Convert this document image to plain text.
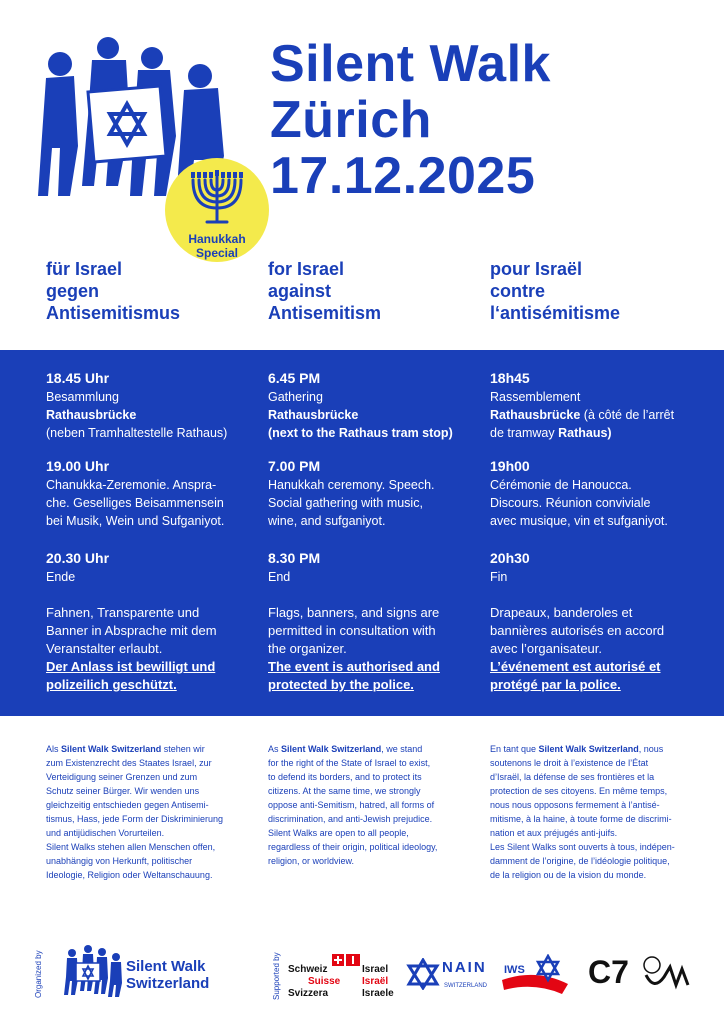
Hanukkah
Special
Silent Walk
Zürich
17.12.2025
für Israel
gegen
Antisemitismus
for Israel
against
Antisemitism
pour Israël
contre
l‘antisémitisme
18.45 Uhr
Besammlung
Rathausbrücke
(neben Tramhaltestelle Rathaus)
19.00 Uhr
Chanukka-Zeremonie. Anspra-
che. Geselliges Beisammensein
bei Musik, Wein und Sufganiyot.
20.30 Uhr
Ende
Fahnen, Transparente und
Banner in Absprache mit dem
Veranstalter erlaubt.
Der Anlass ist bewilligt und
polizeilich geschützt.
6.45 PM
Gathering
Rathausbrücke
(next to the Rathaus tram stop)
7.00 PM
Hanukkah ceremony. Speech.
Social gathering with music,
wine, and sufganiyot.
8.30 PM
End
Flags, banners, and signs are
permitted in consultation with
the organizer.
The event is authorised and
protected by the police.
18h45
Rassemblement
Rathausbrücke (à côté de l’arrêt
de tramway Rathaus)
19h00
Cérémonie de Hanoucca.
Discours. Réunion conviviale
avec musique, vin et sufganiyot.
20h30
Fin
Drapeaux, banderoles et
bannières autorisés en accord
avec l’organisateur.
L’événement est autorisé et
protégé par la police.
Als Silent Walk Switzerland stehen wir
zum Existenzrecht des Staates Israel, zur
Verteidigung seiner Grenzen und zum
Schutz seiner Bürger. Wir wenden uns
gleichzeitig entschieden gegen Antisemi-
tismus, Hass, jede Form der Diskriminierung
und antijüdischen Vorurteilen.
Silent Walks stehen allen Menschen offen,
unabhängig von Herkunft, politischer
Ideologie, Religion oder Weltanschauung.
As Silent Walk Switzerland, we stand
for the right of the State of Israel to exist,
to defend its borders, and to protect its
citizens. At the same time, we strongly
oppose anti-Semitism, hatred, all forms of
discrimination, and anti-Jewish prejudice.
Silent Walks are open to all people,
regardless of their origin, political ideology,
religion, or worldview.
En tant que Silent Walk Switzerland, nous
soutenons le droit à l’existence de l’État
d’Israël, la défense de ses frontières et la
protection de ses citoyens. En même temps,
nous nous opposons fermement à l’antisé-
mitisme, à la haine, à toute forme de discrimi-
nation et aux préjugés anti-juifs.
Les Silent Walks sont ouverts à tous, indépen-
damment de l’origine, de l’idéologie politique,
de la religion ou de la vision du monde.
Organized by	Silent Walk
Switzerland	Supported by Schweiz
Suisse
Svizzera
Israel
Israël
Israele
NAIN
SWITZERLAND
IWS C7
